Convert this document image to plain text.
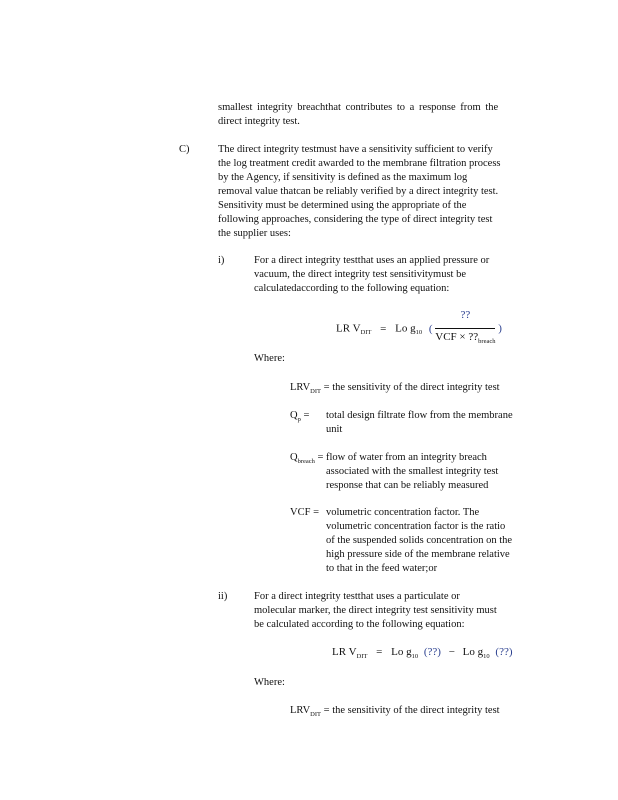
smallest integrity breachthat contributes to a response from the
direct integrity test.
C)	The direct integrity testmust have a sensitivity sufficient to verify
the log treatment credit awarded to the membrane filtration process
by the Agency, if sensitivity is defined as the maximum log
removal value thatcan be reliably verified by a direct integrity test.
Sensitivity must be determined using the appropriate of the
following approaches, considering the type of direct integrity test
the supplier uses:
i)	For a direct integrity testthat uses an applied pressure or
vacuum, the direct integrity test sensitivitymust be
calculatedaccording to the following equation:
LR $V_{DIT} = Lo$ $g_{10}$ ( $\frac{??}{VCF \times ??_{breach}}$ )
Where:
$LRV_{DIT}$ = the sensitivity of the direct integrity test
$Q_p$ = total design filtrate flow from the membrane
unit
$Q_{breach}$ = flow of water from an integrity breach
associated with the smallest integrity test
response that can be reliably measured
VCF = volumetric concentration factor. The
volumetric concentration factor is the ratio
of the suspended solids concentration on the
high pressure side of the membrane relative
to that in the feed water;or
ii)	For a direct integrity testthat uses a particulate or
molecular marker, the direct integrity test sensitivity must
be calculated according to the following equation:
LR $V_{DIT} = Lo$ $g_{10}$ (??) − Lo $g_{10}$ (??)
Where:
$LRV_{DIT}$ = the sensitivity of the direct integrity test
